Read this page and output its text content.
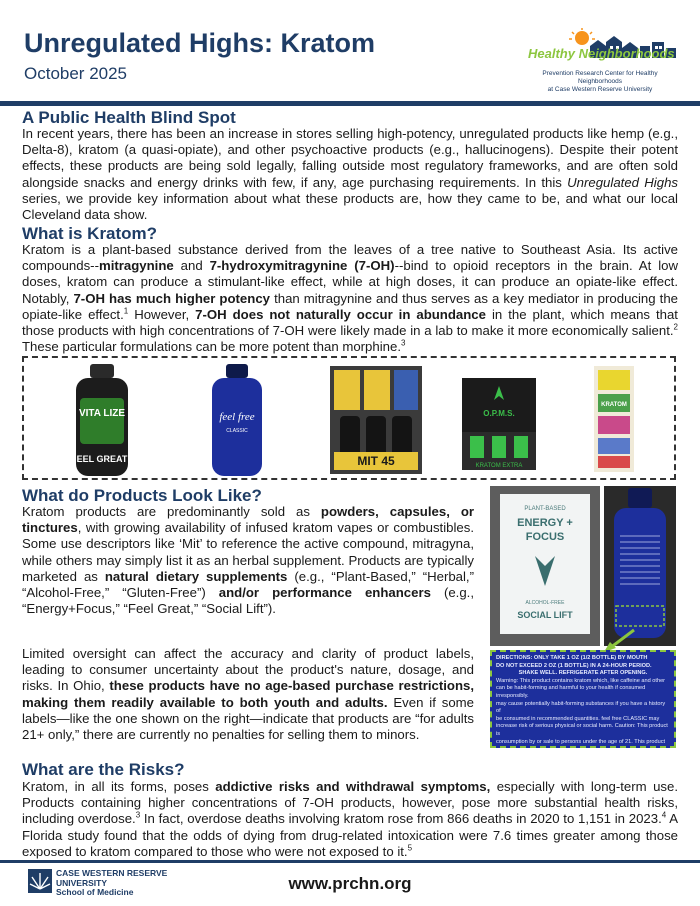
Unregulated Highs: Kratom
October 2025
Healthy Neighborhoods
Prevention Research Center for Healthy Neighborhoods
at Case Western Reserve University
A Public Health Blind Spot

In recent years, there has been an increase in stores selling high-potency, unregulated products like hemp (e.g., Delta-8), kratom (a quasi-opiate), and other psychoactive products (e.g., hallucinogens). Despite their potent effects, these products are being sold legally, falling outside most regulatory frameworks, and are often sold alongside snacks and energy drinks with few, if any, age purchasing requirements. In this Unregulated Highs series, we provide key information about what these products are, how they came to be, and what our local Cleveland data show.

What is Kratom?

Kratom is a plant-based substance derived from the leaves of a tree native to Southeast Asia. Its active compounds--mitragynine and 7-hydroxymitragynine (7-OH)--bind to opioid receptors in the brain. At low doses, kratom can produce a stimulant-like effect, while at high doses, it can produce an opiate-like effect. Notably, 7-OH has much higher potency than mitragynine and thus serves as a key mediator in producing the opiate-like effect.$^1$ However, 7-OH does not naturally occur in abundance in the plant, which means that those products with high concentrations of 7-OH were likely made in a lab to make it more economically salient.$^2$ These particular formulations can be more potent than morphine.$^3$

VITA LIZE
EEL GREAT
feel free
CLASSIC
MIT 45
O.P.M.S.
KRATOM EXTRA
KRATOM
What do Products Look Like?

Kratom products are predominantly sold as powders, capsules, or tinctures, with growing availability of infused kratom vapes or combustibles. Some use descriptors like ‘Mit’ to reference the active compound, mitragyna, while others may simply list it as an herbal supplement. Products are typically marketed as natural dietary supplements (e.g., “Plant-Based,” “Herbal,” “Alcohol-Free,” “Gluten-Free”) and/or performance enhancers (e.g., “Energy+Focus,” “Feel Great,” “Social Lift”).

Limited oversight can affect the accuracy and clarity of product labels, leading to consumer uncertainty about the product's nature, dosage, and risks. In Ohio, these products have no age-based purchase restrictions, making them readily available to both youth and adults. Even if some labels—like the one shown on the right—indicate that products are “for adults 21+ only,” there are currently no penalties for selling them to minors.

PLANT-BASED
ENERGY +
FOCUS
ALCOHOL-FREE
SOCIAL LIFT
DIRECTIONS: ONLY TAKE 1 OZ (1/2 BOTTLE) BY MOUTH
DO NOT EXCEED 2 OZ (1 BOTTLE) IN A 24-HOUR PERIOD.
SHAKE WELL. REFRIGERATE AFTER OPENING.
Warning: This product contains kratom which, like caffeine and other
can be habit-forming and harmful to your health if consumed irresponsibly.
may cause potentially habit-forming substances if you have a history of
be consumed in recommended quantities. feel free CLASSIC may
increase risk of serious physical or social harm. Caution: This product is
consumption by or sale to persons under the age of 21. This product
What are the Risks?

Kratom, in all its forms, poses addictive risks and withdrawal symptoms, especially with long-term use. Products containing higher concentrations of 7-OH products, however, pose more substantial health risks, including overdose.$^3$ In fact, overdose deaths involving kratom rose from 866 deaths in 2020 to 1,151 in 2023.$^4$ A Florida study found that the odds of dying from drug-related intoxication were 7.6 times greater among those exposed to kratom compared to those who were not exposed to it.$^5$

CASE WESTERN RESERVE
UNIVERSITY
School of Medicine	www.prchn.org
